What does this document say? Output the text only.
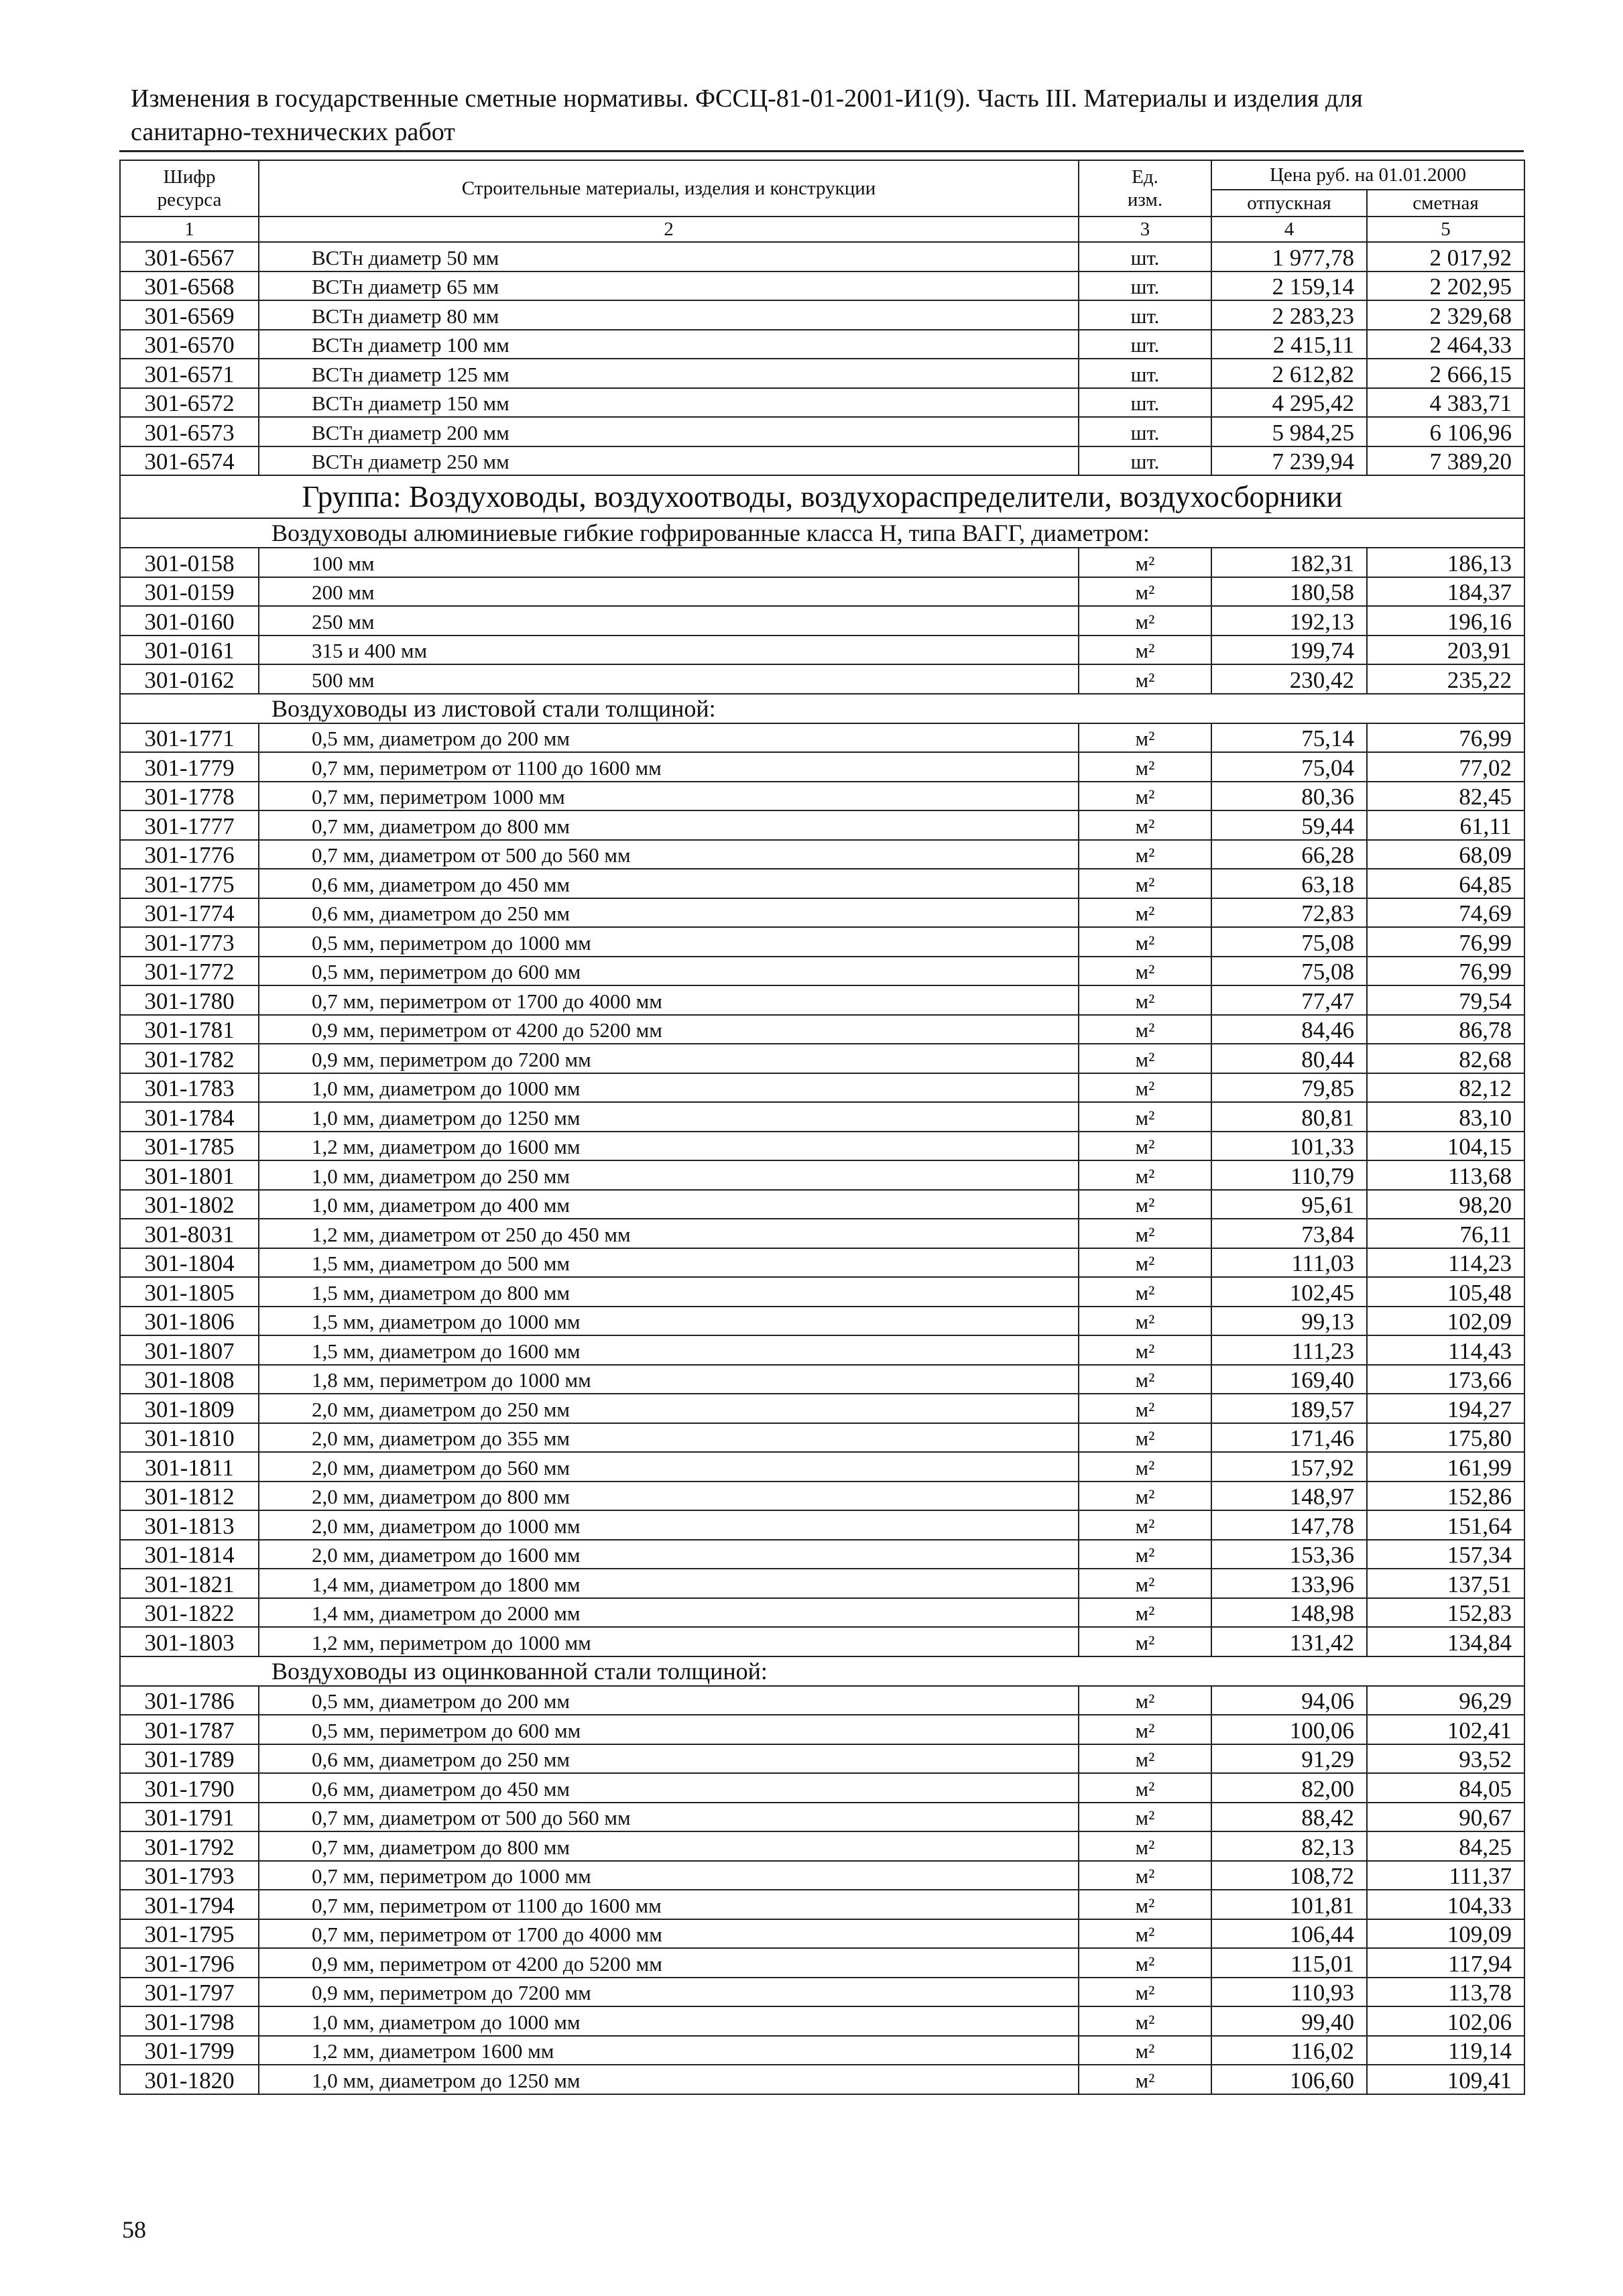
Изменения в государственные сметные нормативы. ФССЦ-81-01-2001-И1(9). Часть III. Материалы и изделия для
санитарно-технических работ
Шифр ресурса	Строительные материалы, изделия и конструкции	Ед. изм.	Цена руб. на 01.01.2000	
			отпускная	сметная
1	2	3	4	5
301-6567	ВСТн диаметр 50 мм	шт.	1 977,78	2 017,92
301-6568	ВСТн диаметр 65 мм	шт.	2 159,14	2 202,95
301-6569	ВСТн диаметр 80 мм	шт.	2 283,23	2 329,68
301-6570	ВСТн диаметр 100 мм	шт.	2 415,11	2 464,33
301-6571	ВСТн диаметр 125 мм	шт.	2 612,82	2 666,15
301-6572	ВСТн диаметр 150 мм	шт.	4 295,42	4 383,71
301-6573	ВСТн диаметр 200 мм	шт.	5 984,25	6 106,96
301-6574	ВСТн диаметр 250 мм	шт.	7 239,94	7 389,20
Группа: Воздуховоды, воздухоотводы, воздухораспределители, воздухосборники				
Воздуховоды алюминиевые гибкие гофрированные класса Н, типа ВАГГ, диаметром:				
301-0158	100 мм	м²	182,31	186,13
301-0159	200 мм	м²	180,58	184,37
301-0160	250 мм	м²	192,13	196,16
301-0161	315 и 400 мм	м²	199,74	203,91
301-0162	500 мм	м²	230,42	235,22
Воздуховоды из листовой стали толщиной:				
301-1771	0,5 мм, диаметром до 200 мм	м²	75,14	76,99
301-1779	0,7 мм, периметром от 1100 до 1600 мм	м²	75,04	77,02
301-1778	0,7 мм, периметром 1000 мм	м²	80,36	82,45
301-1777	0,7 мм, диаметром до 800 мм	м²	59,44	61,11
301-1776	0,7 мм, диаметром от 500 до 560 мм	м²	66,28	68,09
301-1775	0,6 мм, диаметром до 450 мм	м²	63,18	64,85
301-1774	0,6 мм, диаметром до 250 мм	м²	72,83	74,69
301-1773	0,5 мм, периметром до 1000 мм	м²	75,08	76,99
301-1772	0,5 мм, периметром до 600 мм	м²	75,08	76,99
301-1780	0,7 мм, периметром от 1700 до 4000 мм	м²	77,47	79,54
301-1781	0,9 мм, периметром от 4200 до 5200 мм	м²	84,46	86,78
301-1782	0,9 мм, периметром до 7200 мм	м²	80,44	82,68
301-1783	1,0 мм, диаметром до 1000 мм	м²	79,85	82,12
301-1784	1,0 мм, диаметром до 1250 мм	м²	80,81	83,10
301-1785	1,2 мм, диаметром до 1600 мм	м²	101,33	104,15
301-1801	1,0 мм, диаметром до 250 мм	м²	110,79	113,68
301-1802	1,0 мм, диаметром до 400 мм	м²	95,61	98,20
301-8031	1,2 мм, диаметром от 250 до 450 мм	м²	73,84	76,11
301-1804	1,5 мм, диаметром до 500 мм	м²	111,03	114,23
301-1805	1,5 мм, диаметром до 800 мм	м²	102,45	105,48
301-1806	1,5 мм, диаметром до 1000 мм	м²	99,13	102,09
301-1807	1,5 мм, диаметром до 1600 мм	м²	111,23	114,43
301-1808	1,8 мм, периметром до 1000 мм	м²	169,40	173,66
301-1809	2,0 мм, диаметром до 250 мм	м²	189,57	194,27
301-1810	2,0 мм, диаметром до 355 мм	м²	171,46	175,80
301-1811	2,0 мм, диаметром до 560 мм	м²	157,92	161,99
301-1812	2,0 мм, диаметром до 800 мм	м²	148,97	152,86
301-1813	2,0 мм, диаметром до 1000 мм	м²	147,78	151,64
301-1814	2,0 мм, диаметром до 1600 мм	м²	153,36	157,34
301-1821	1,4 мм, диаметром до 1800 мм	м²	133,96	137,51
301-1822	1,4 мм, диаметром до 2000 мм	м²	148,98	152,83
301-1803	1,2 мм, периметром до 1000 мм	м²	131,42	134,84
Воздуховоды из оцинкованной стали толщиной:				
301-1786	0,5 мм, диаметром до 200 мм	м²	94,06	96,29
301-1787	0,5 мм, периметром до 600 мм	м²	100,06	102,41
301-1789	0,6 мм, диаметром до 250 мм	м²	91,29	93,52
301-1790	0,6 мм, диаметром до 450 мм	м²	82,00	84,05
301-1791	0,7 мм, диаметром от 500 до 560 мм	м²	88,42	90,67
301-1792	0,7 мм, диаметром до 800 мм	м²	82,13	84,25
301-1793	0,7 мм, периметром до 1000 мм	м²	108,72	111,37
301-1794	0,7 мм, периметром от 1100 до 1600 мм	м²	101,81	104,33
301-1795	0,7 мм, периметром от 1700 до 4000 мм	м²	106,44	109,09
301-1796	0,9 мм, периметром от 4200 до 5200 мм	м²	115,01	117,94
301-1797	0,9 мм, периметром до 7200 мм	м²	110,93	113,78
301-1798	1,0 мм, диаметром до 1000 мм	м²	99,40	102,06
301-1799	1,2 мм, диаметром 1600 мм	м²	116,02	119,14
301-1820	1,0 мм, диаметром до 1250 мм	м²	106,60	109,41
58
